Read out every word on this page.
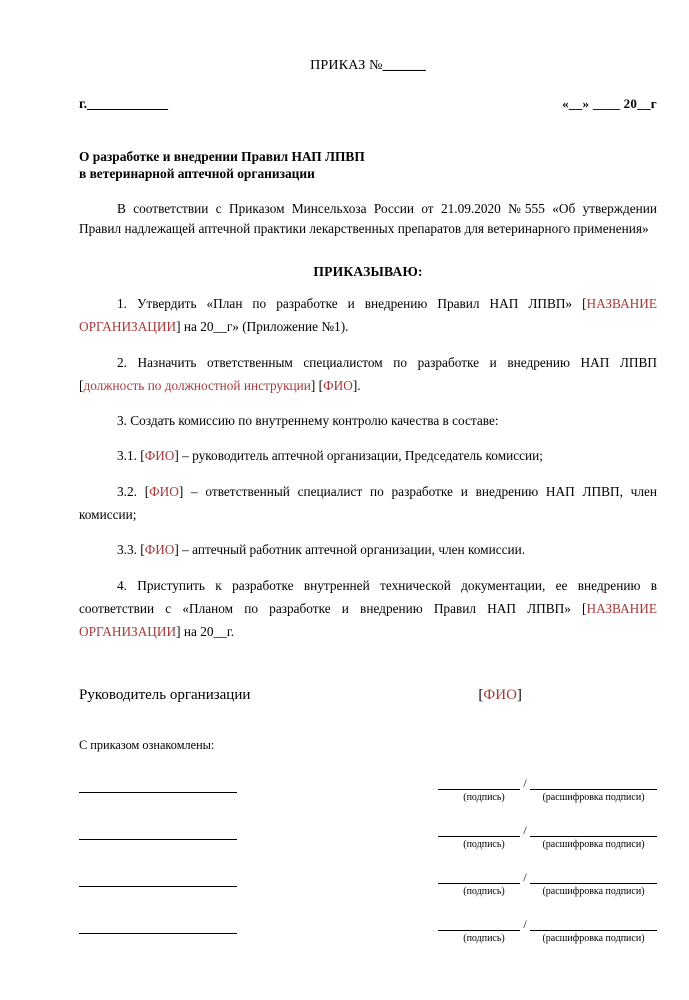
ПРИКАЗ №______
г.____________	«__» ____ 20__г
О разработке и внедрении Правил НАП ЛПВП
в ветеринарной аптечной организации
В соответствии с Приказом Минсельхоза России от 21.09.2020 №555 «Об утверждении Правил надлежащей аптечной практики лекарственных препаратов для ветеринарного применения»
ПРИКАЗЫВАЮ:
1. Утвердить «План по разработке и внедрению Правил НАП ЛПВП» [НАЗВАНИЕ ОРГАНИЗАЦИИ] на 20__г» (Приложение №1).
2. Назначить ответственным специалистом по разработке и внедрению НАП ЛПВП [должность по должностной инструкции] [ФИО].
3. Создать комиссию по внутреннему контролю качества в составе:
3.1. [ФИО] – руководитель аптечной организации, Председатель комиссии;
3.2. [ФИО] – ответственный специалист по разработке и внедрению НАП ЛПВП, член комиссии;
3.3. [ФИО] – аптечный работник аптечной организации, член комиссии.
4. Приступить к разработке внутренней технической документации, ее внедрению в соответствии с «Планом по разработке и внедрению Правил НАП ЛПВП» [НАЗВАНИЕ ОРГАНИЗАЦИИ] на 20__г.
Руководитель организации	[ФИО]
С приказом ознакомлены:
/
(подпись)	(расшифровка подписи)
/
(подпись)	(расшифровка подписи)
/
(подпись)	(расшифровка подписи)
/
(подпись)	(расшифровка подписи)
